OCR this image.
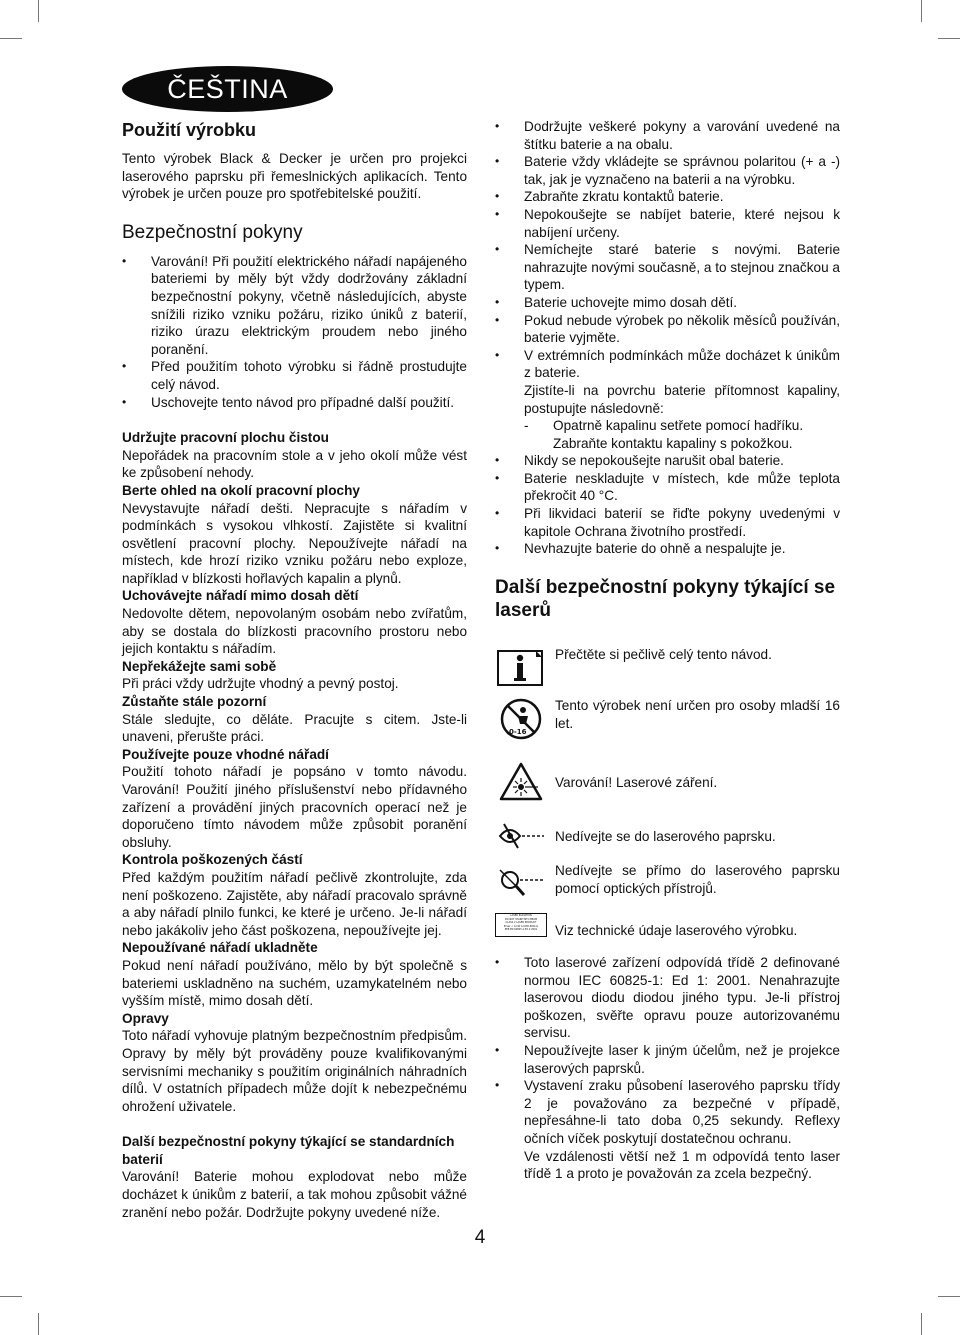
ČEŠTINA
Použití výrobku

Tento výrobek Black & Decker je určen pro projekci laserového paprsku při řemeslnických aplikacích. Tento výrobek je určen pouze pro spotřebitelské použití.

Bezpečnostní pokyny
• Varování! Při použití elektrického nářadí napájeného bateriemi by měly být vždy dodržovány základní bezpečnostní pokyny, včetně následujících, abyste snížili riziko vzniku požáru, riziko úniků z baterií, riziko úrazu elektrickým proudem nebo jiného poranění.
• Před použitím tohoto výrobku si řádně prostudujte celý návod.
• Uschovejte tento návod pro případné další použití.
Udržujte pracovní plochu čistou

Nepořádek na pracovním stole a v jeho okolí může vést ke způsobení nehody.

Berte ohled na okolí pracovní plochy

Nevystavujte nářadí dešti. Nepracujte s nářadím v podmínkách s vysokou vlhkostí. Zajistěte si kvalitní osvětlení pracovní plochy. Nepoužívejte nářadí na místech, kde hrozí riziko vzniku požáru nebo exploze, například v blízkosti hořlavých kapalin a plynů.

Uchovávejte nářadí mimo dosah dětí

Nedovolte dětem, nepovolaným osobám nebo zvířatům, aby se dostala do blízkosti pracovního prostoru nebo jejich kontaktu s nářadím.

Nepřekážejte sami sobě

Při práci vždy udržujte vhodný a pevný postoj.

Zůstaňte stále pozorní

Stále sledujte, co děláte. Pracujte s citem. Jste-li unaveni, přerušte práci.

Používejte pouze vhodné nářadí

Použití tohoto nářadí je popsáno v tomto návodu. Varování! Použití jiného příslušenství nebo přídavného zařízení a provádění jiných pracovních operací než je doporučeno tímto návodem může způsobit poranění obsluhy.

Kontrola poškozených částí

Před každým použitím nářadí pečlivě zkontrolujte, zda není poškozeno. Zajistěte, aby nářadí pracovalo správně a aby nářadí plnilo funkci, ke které je určeno. Je-li nářadí nebo jakákoliv jeho část poškozena, nepoužívejte jej.

Nepoužívané nářadí ukladněte

Pokud není nářadí používáno, mělo by být společně s bateriemi uskladněno na suchém, uzamykatelném nebo vyšším místě, mimo dosah dětí.

Opravy

Toto nářadí vyhovuje platným bezpečnostním předpisům. Opravy by měly být prováděny pouze kvalifikovanými servisními mechaniky s použitím originálních náhradních dílů. V ostatních případech může dojít k nebezpečnému ohrožení uživatele.

Další bezpečnostní pokyny týkající se standardních baterií

Varování! Baterie mohou explodovat nebo může docházet k únikům z baterií, a tak mohou způsobit vážné zranění nebo požár. Dodržujte pokyny uvedené níže.

• Dodržujte veškeré pokyny a varování uvedené na štítku baterie a na obalu.
• Baterie vždy vkládejte se správnou polaritou (+ a -) tak, jak je vyznačeno na baterii a na výrobku.
• Zabraňte zkratu kontaktů baterie.
• Nepokoušejte se nabíjet baterie, které nejsou k nabíjení určeny.
• Nemíchejte staré baterie s novými. Baterie nahrazujte novými současně, a to stejnou značkou a typem.
• Baterie uchovejte mimo dosah dětí.
• Pokud nebude výrobek po několik měsíců používán, baterie vyjměte.
• V extrémních podmínkách může docházet k únikům z baterie.
Zjistíte-li na povrchu baterie přítomnost kapaliny, postupujte následovně:
- Opatrně kapalinu setřete pomocí hadříku. Zabraňte kontaktu kapaliny s pokožkou.
• Nikdy se nepokoušejte narušit obal baterie.
• Baterie neskladujte v místech, kde může teplota překročit 40 °C.
• Při likvidaci baterií se řiďte pokyny uvedenými v kapitole Ochrana životního prostředí.
• Nevhazujte baterie do ohně a nespalujte je.
Další bezpečnostní pokyny týkající se laserů
Přečtěte si pečlivě celý tento návod.
0-16
Tento výrobek není určen pro osoby mladší 16 let.
Varování! Laserové záření.
Nedívejte se do laserového paprsku.
Nedívejte se přímo do laserového paprsku pomocí optických přístrojů.
LASER RADIATION
DO NOT STARE INTO BEAM
CLASS 2 LASER PRODUCT
Pmax < 1mW λ=630-680nm
PER EN 60825-1:Ed 1:2001	Viz technické údaje laserového výrobku.
• Toto laserové zařízení odpovídá třídě 2 definované normou IEC 60825-1: Ed 1: 2001. Nenahrazujte laserovou diodu diodou jiného typu. Je-li přístroj poškozen, svěřte opravu pouze autorizovanému servisu.
• Nepoužívejte laser k jiným účelům, než je projekce laserových paprsků.
• Vystavení zraku působení laserového paprsku třídy 2 je považováno za bezpečné v případě, nepřesáhne-li tato doba 0,25 sekundy. Reflexy očních víček poskytují dostatečnou ochranu.
Ve vzdálenosti větší než 1 m odpovídá tento laser třídě 1 a proto je považován za zcela bezpečný.
4
